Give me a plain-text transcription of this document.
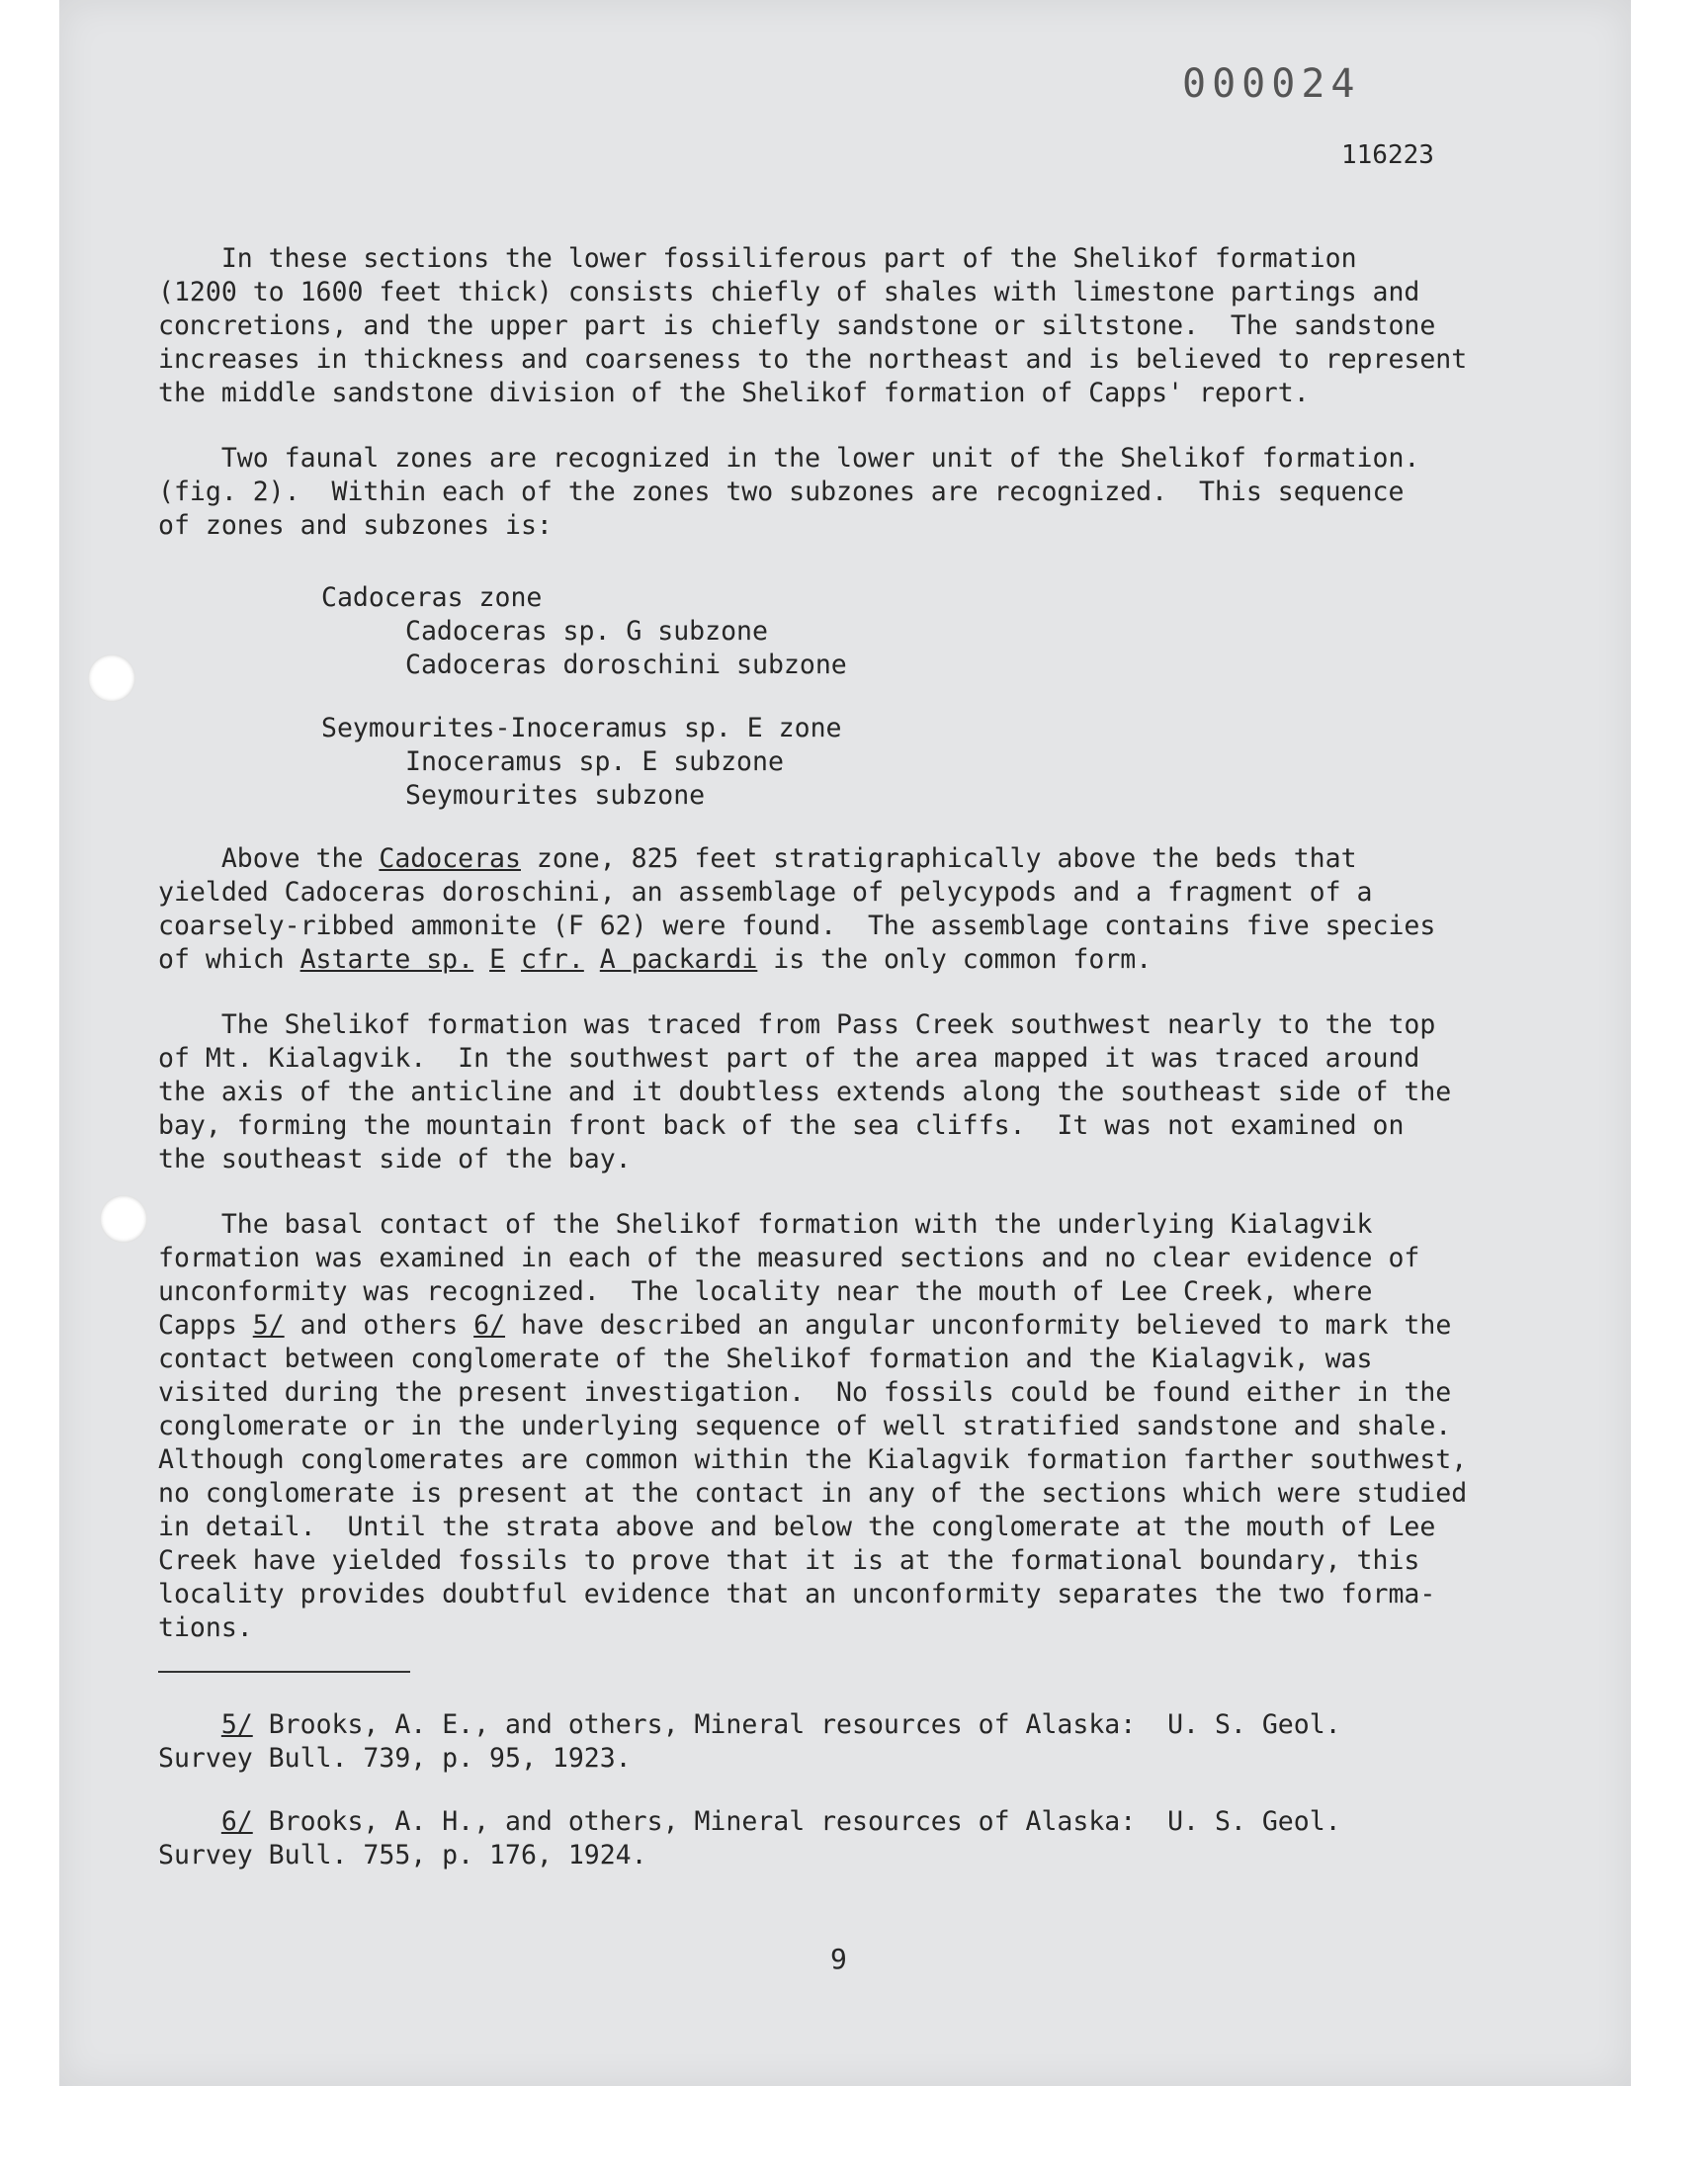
000024
116223
In these sections the lower fossiliferous part of the Shelikof formation
(1200 to 1600 feet thick) consists chiefly of shales with limestone partings and
concretions, and the upper part is chiefly sandstone or siltstone.  The sandstone
increases in thickness and coarseness to the northeast and is believed to represent
the middle sandstone division of the Shelikof formation of Capps' report.
Two faunal zones are recognized in the lower unit of the Shelikof formation.
(fig. 2).  Within each of the zones two subzones are recognized.  This sequence
of zones and subzones is:
Cadoceras zone
Cadoceras sp. G subzone
Cadoceras doroschini subzone
Seymourites-Inoceramus sp. E zone
Inoceramus sp. E subzone
Seymourites subzone
Above the Cadoceras zone, 825 feet stratigraphically above the beds that
yielded Cadoceras doroschini, an assemblage of pelycypods and a fragment of a
coarsely-ribbed ammonite (F 62) were found.  The assemblage contains five species
of which Astarte sp. E cfr. A packardi is the only common form.
The Shelikof formation was traced from Pass Creek southwest nearly to the top
of Mt. Kialagvik.  In the southwest part of the area mapped it was traced around
the axis of the anticline and it doubtless extends along the southeast side of the
bay, forming the mountain front back of the sea cliffs.  It was not examined on
the southeast side of the bay.
The basal contact of the Shelikof formation with the underlying Kialagvik
formation was examined in each of the measured sections and no clear evidence of
unconformity was recognized.  The locality near the mouth of Lee Creek, where
Capps 5/ and others 6/ have described an angular unconformity believed to mark the
contact between conglomerate of the Shelikof formation and the Kialagvik, was
visited during the present investigation.  No fossils could be found either in the
conglomerate or in the underlying sequence of well stratified sandstone and shale.
Although conglomerates are common within the Kialagvik formation farther southwest,
no conglomerate is present at the contact in any of the sections which were studied
in detail.  Until the strata above and below the conglomerate at the mouth of Lee
Creek have yielded fossils to prove that it is at the formational boundary, this
locality provides doubtful evidence that an unconformity separates the two forma-
tions.
5/ Brooks, A. E., and others, Mineral resources of Alaska:  U. S. Geol.
Survey Bull. 739, p. 95, 1923.
6/ Brooks, A. H., and others, Mineral resources of Alaska:  U. S. Geol.
Survey Bull. 755, p. 176, 1924.
9
